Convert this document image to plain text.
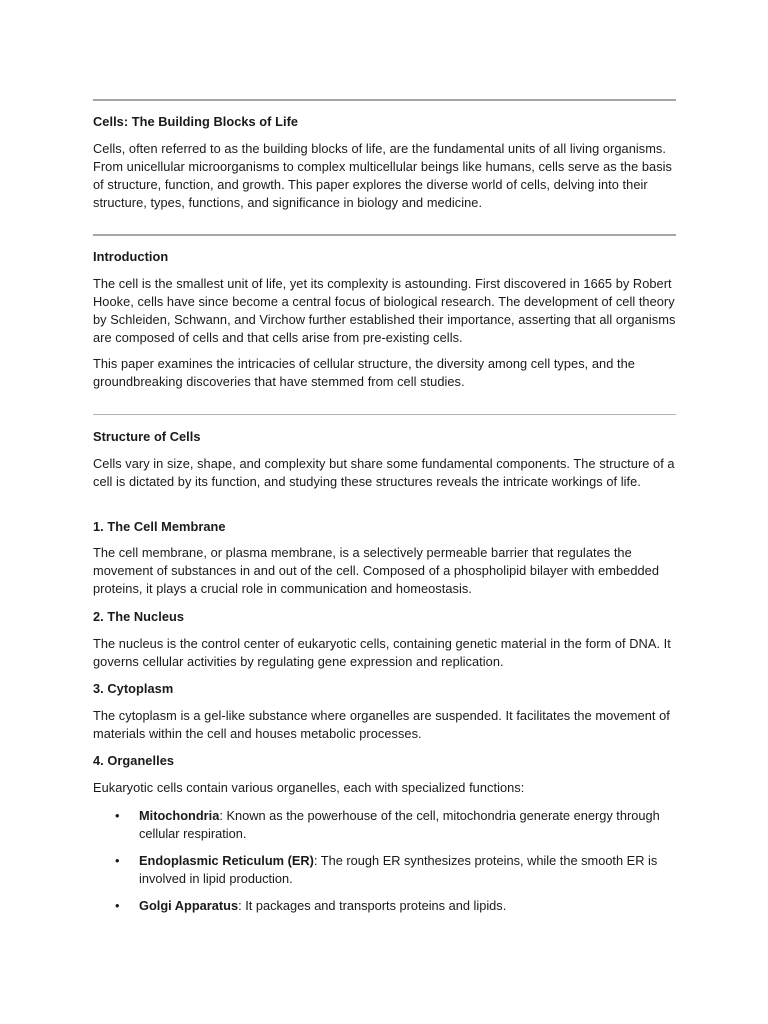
Cells: The Building Blocks of Life

Cells, often referred to as the building blocks of life, are the fundamental units of all living organisms. From unicellular microorganisms to complex multicellular beings like humans, cells serve as the basis of structure, function, and growth. This paper explores the diverse world of cells, delving into their structure, types, functions, and significance in biology and medicine.

Introduction

The cell is the smallest unit of life, yet its complexity is astounding. First discovered in 1665 by Robert Hooke, cells have since become a central focus of biological research. The development of cell theory by Schleiden, Schwann, and Virchow further established their importance, asserting that all organisms are composed of cells and that cells arise from pre-existing cells.

This paper examines the intricacies of cellular structure, the diversity among cell types, and the groundbreaking discoveries that have stemmed from cell studies.

Structure of Cells

Cells vary in size, shape, and complexity but share some fundamental components. The structure of a cell is dictated by its function, and studying these structures reveals the intricate workings of life.

1. The Cell Membrane

The cell membrane, or plasma membrane, is a selectively permeable barrier that regulates the movement of substances in and out of the cell. Composed of a phospholipid bilayer with embedded proteins, it plays a crucial role in communication and homeostasis.

2. The Nucleus

The nucleus is the control center of eukaryotic cells, containing genetic material in the form of DNA. It governs cellular activities by regulating gene expression and replication.

3. Cytoplasm

The cytoplasm is a gel-like substance where organelles are suspended. It facilitates the movement of materials within the cell and houses metabolic processes.

4. Organelles

Eukaryotic cells contain various organelles, each with specialized functions:

• Mitochondria: Known as the powerhouse of the cell, mitochondria generate energy through cellular respiration.

• Endoplasmic Reticulum (ER): The rough ER synthesizes proteins, while the smooth ER is involved in lipid production.

• Golgi Apparatus: It packages and transports proteins and lipids.
